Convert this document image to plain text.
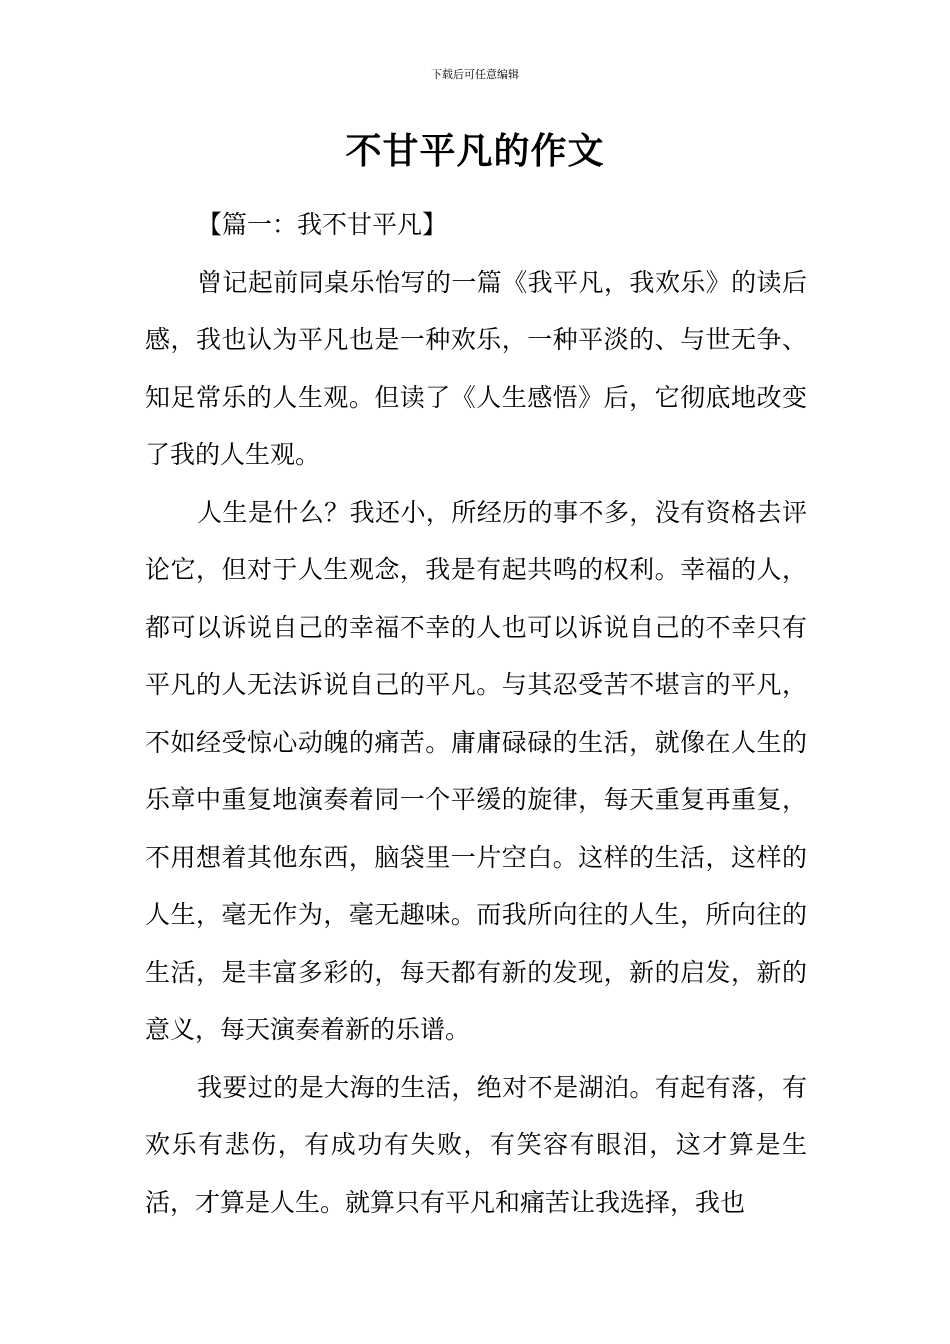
下载后可任意编辑
不甘平凡的作文

【篇一：我不甘平凡】

曾记起前同桌乐怡写的一篇《我平凡，我欢乐》的读后感，我也认为平凡也是一种欢乐，一种平淡的、与世无争、知足常乐的人生观。但读了《人生感悟》后，它彻底地改变了我的人生观。

人生是什么？我还小，所经历的事不多，没有资格去评论它，但对于人生观念，我是有起共鸣的权利。幸福的人，都可以诉说自己的幸福不幸的人也可以诉说自己的不幸只有平凡的人无法诉说自己的平凡。与其忍受苦不堪言的平凡，不如经受惊心动魄的痛苦。庸庸碌碌的生活，就像在人生的乐章中重复地演奏着同一个平缓的旋律，每天重复再重复，不用想着其他东西，脑袋里一片空白。这样的生活，这样的人生，毫无作为，毫无趣味。而我所向往的人生，所向往的生活，是丰富多彩的，每天都有新的发现，新的启发，新的意义，每天演奏着新的乐谱。

我要过的是大海的生活，绝对不是湖泊。有起有落，有欢乐有悲伤，有成功有失败，有笑容有眼泪，这才算是生活，才算是人生。就算只有平凡和痛苦让我选择，我也
